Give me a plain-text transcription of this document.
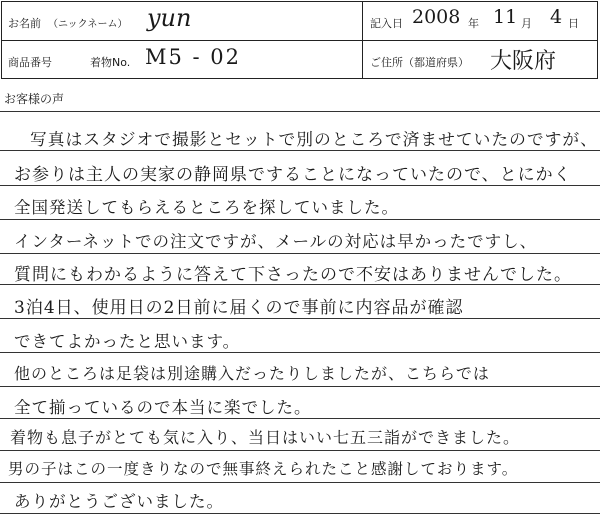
お名前 （ニックネーム） yun	記入日 2008 年 11 月 4 日
商品番号	着物No. M5 - 02	ご住所（都道府県） 大阪府
お客様の声
写真はスタジオで撮影とセットで別のところで済ませていたのですが、
お参りは主人の実家の静岡県ですることになっていたので、とにかく
全国発送してもらえるところを探していました。
インターネットでの注文ですが、メールの対応は早かったですし、
質問にもわかるように答えて下さったので不安はありませんでした。
3泊4日、使用日の2日前に届くので事前に内容品が確認
できてよかったと思います。
他のところは足袋は別途購入だったりしましたが、こちらでは
全て揃っているので本当に楽でした。
着物も息子がとても気に入り、当日はいい七五三詣ができました。
男の子はこの一度きりなので無事終えられたこと感謝しております。
ありがとうございました。
